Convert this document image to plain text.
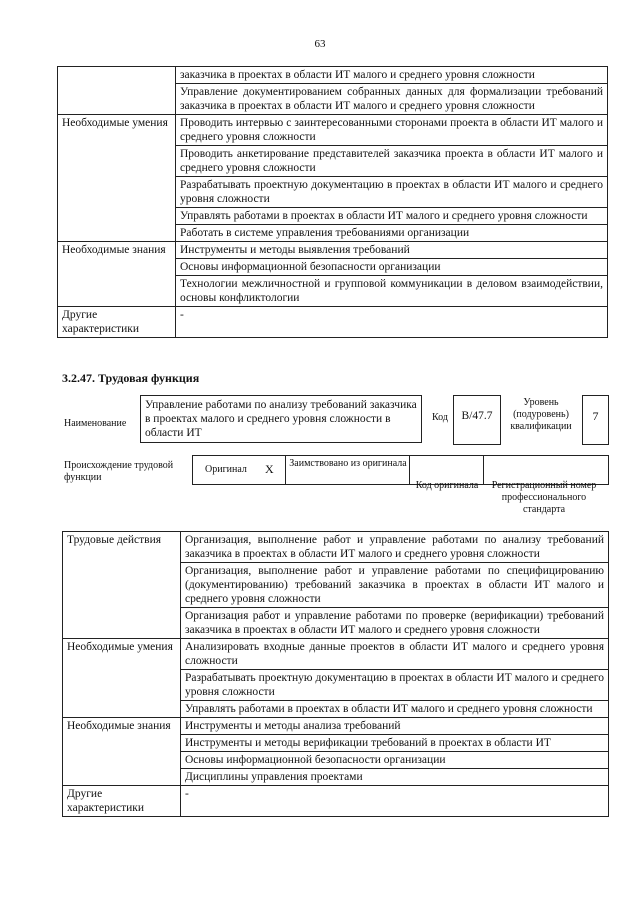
63
	заказчика в проектах в области ИТ малого и среднего уровня сложности
	Управление документированием собранных данных для формализации требований заказчика в проектах в области ИТ малого и среднего уровня сложности
Необходимые умения	Проводить интервью с заинтересованными сторонами проекта в области ИТ малого и среднего уровня сложности
	Проводить анкетирование представителей заказчика проекта в области ИТ малого и среднего уровня сложности
	Разрабатывать проектную документацию в проектах в области ИТ малого и среднего уровня сложности
	Управлять работами в проектах в области ИТ малого и среднего уровня сложности
	Работать в системе управления требованиями организации
Необходимые знания	Инструменты и методы выявления требований
	Основы информационной безопасности организации
	Технологии межличностной и групповой коммуникации в деловом взаимодействии, основы конфликтологии
Другие характеристики	-
3.2.47. Трудовая функция
Наименование
Управление работами по анализу требований заказчика в проектах малого и среднего уровня сложности в области ИТ
Код	B/47.7
Уровень (подуровень) квалификации
7
Происхождение трудовой функции
Оригинал X Заимствовано из оригинала
Код оригинала	Регистрационный номер профессионального стандарта
Трудовые действия	Организация, выполнение работ и управление работами по анализу требований заказчика в проектах в области ИТ малого и среднего уровня сложности
	Организация, выполнение работ и управление работами по специфицированию (документированию) требований заказчика в проектах в области ИТ малого и среднего уровня сложности
	Организация работ и управление работами по проверке (верификации) требований заказчика в проектах в области ИТ малого и среднего уровня сложности
Необходимые умения	Анализировать входные данные проектов в области ИТ малого и среднего уровня сложности
	Разрабатывать проектную документацию в проектах в области ИТ малого и среднего уровня сложности
	Управлять работами в проектах в области ИТ малого и среднего уровня сложности
Необходимые знания	Инструменты и методы анализа требований
	Инструменты и методы верификации требований в проектах в области ИТ
	Основы информационной безопасности организации
	Дисциплины управления проектами
Другие характеристики	-
